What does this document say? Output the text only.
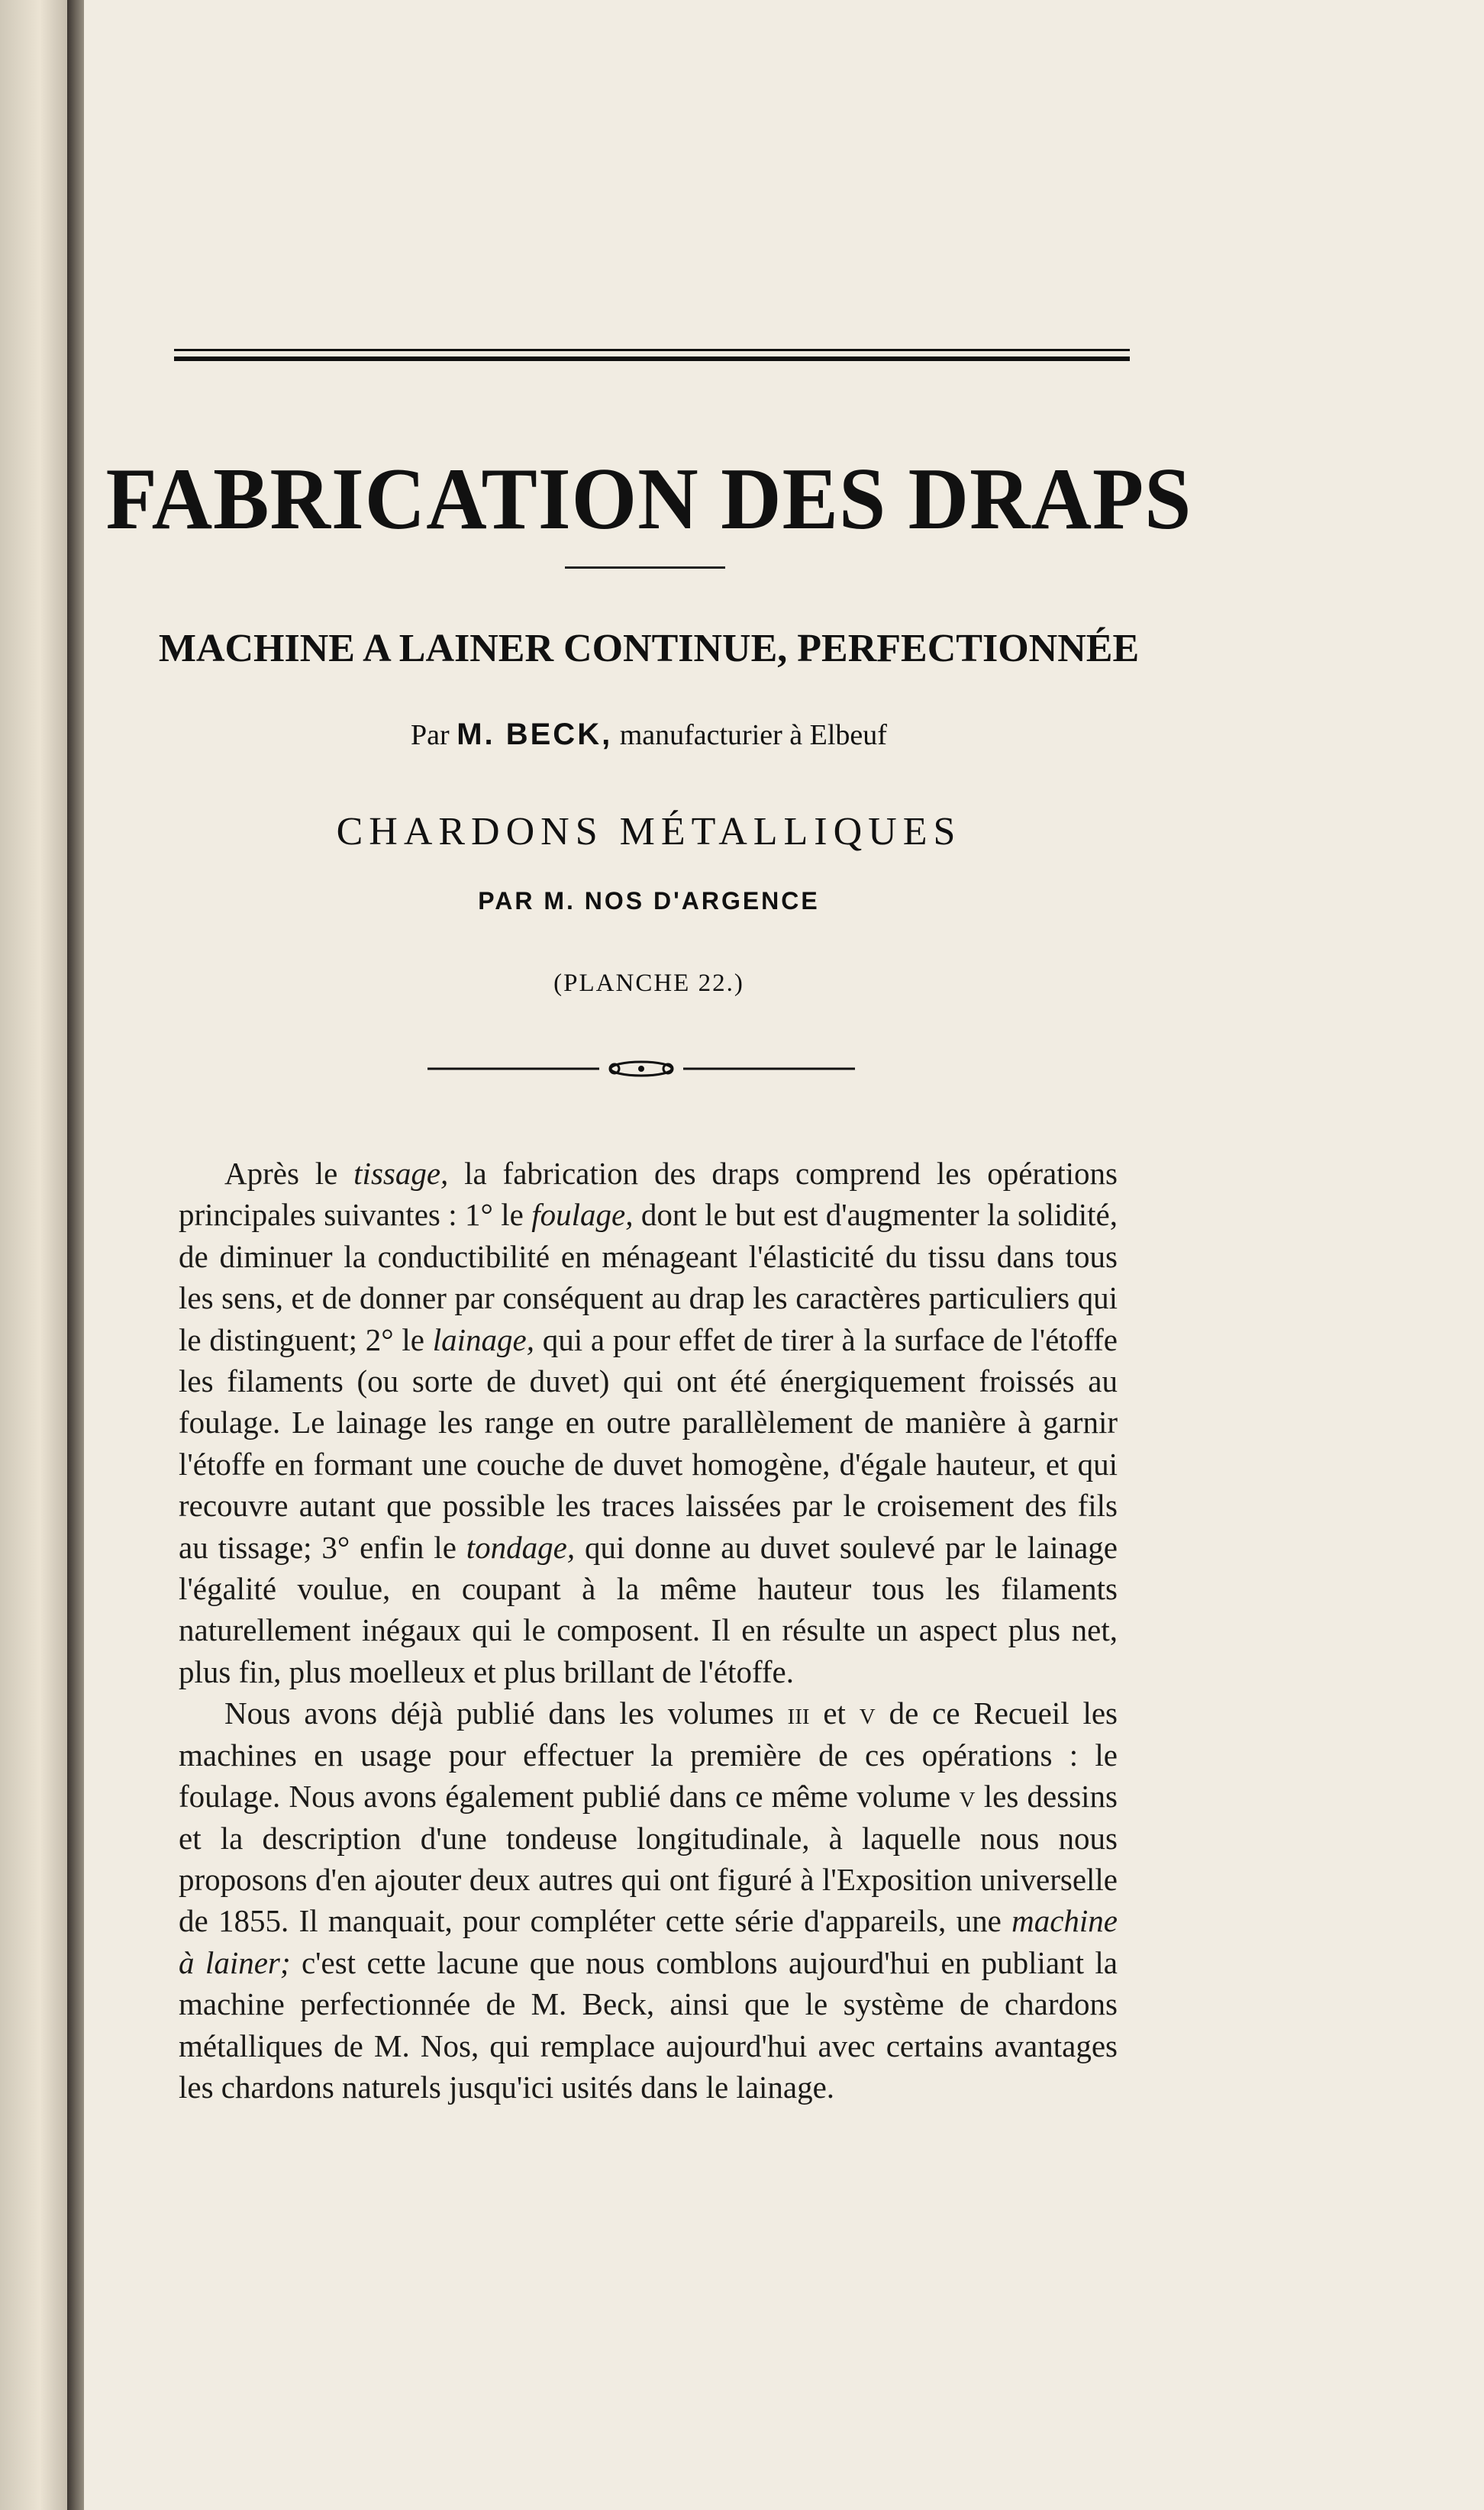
FABRICATION DES DRAPS
MACHINE A LAINER CONTINUE, PERFECTIONNÉE
Par M. BECK, manufacturier à Elbeuf
CHARDONS MÉTALLIQUES
PAR M. NOS D'ARGENCE
(PLANCHE 22.)

Après le tissage, la fabrication des draps comprend les opérations principales suivantes : 1° le foulage, dont le but est d'augmenter la solidité, de diminuer la conductibilité en ménageant l'élasticité du tissu dans tous les sens, et de donner par conséquent au drap les caractères particuliers qui le distinguent; 2° le lainage, qui a pour effet de tirer à la surface de l'étoffe les filaments (ou sorte de duvet) qui ont été énergiquement froissés au foulage. Le lainage les range en outre parallèlement de manière à garnir l'étoffe en formant une couche de duvet homogène, d'égale hauteur, et qui recouvre autant que possible les traces laissées par le croisement des fils au tissage; 3° enfin le tondage, qui donne au duvet soulevé par le lainage l'égalité voulue, en coupant à la même hauteur tous les filaments naturellement inégaux qui le composent. Il en résulte un aspect plus net, plus fin, plus moelleux et plus brillant de l'étoffe.

Nous avons déjà publié dans les volumes iii et v de ce Recueil les machines en usage pour effectuer la première de ces opérations : le foulage. Nous avons également publié dans ce même volume v les dessins et la description d'une tondeuse longitudinale, à laquelle nous nous proposons d'en ajouter deux autres qui ont figuré à l'Exposition universelle de 1855. Il manquait, pour compléter cette série d'appareils, une machine à lainer; c'est cette lacune que nous comblons aujourd'hui en publiant la machine perfectionnée de M. Beck, ainsi que le système de chardons métalliques de M. Nos, qui remplace aujourd'hui avec certains avantages les chardons naturels jusqu'ici usités dans le lainage.
